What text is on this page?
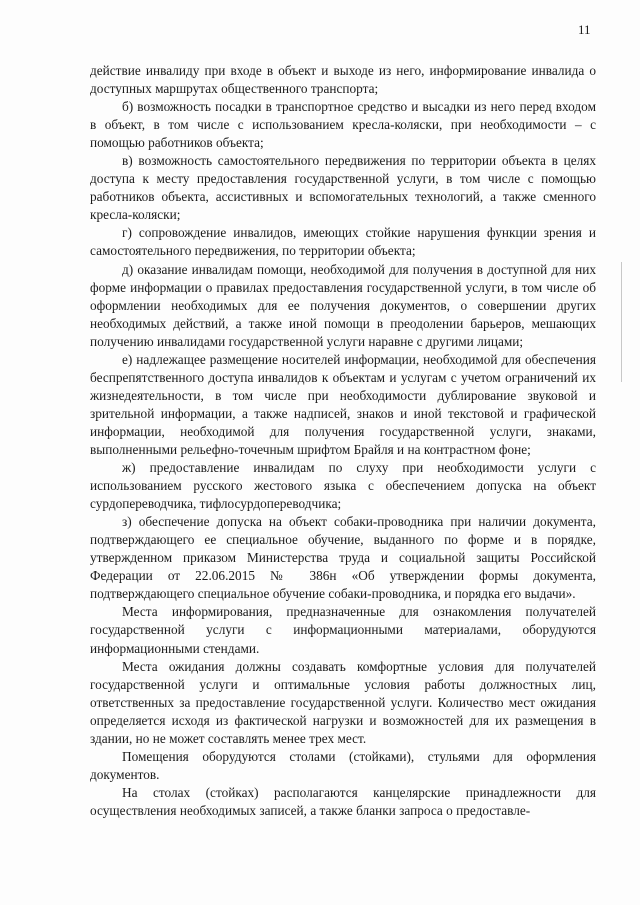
11

действие инвалиду при входе в объект и выходе из него, информирование инвалида о доступных маршрутах общественного транспорта;

б) возможность посадки в транспортное средство и высадки из него перед входом в объект, в том числе с использованием кресла-коляски, при необходимости – с помощью работников объекта;

в) возможность самостоятельного передвижения по территории объекта в целях доступа к месту предоставления государственной услуги, в том числе с помощью работников объекта, ассистивных и вспомогательных технологий, а также сменного кресла-коляски;

г) сопровождение инвалидов, имеющих стойкие нарушения функции зрения и самостоятельного передвижения, по территории объекта;

д) оказание инвалидам помощи, необходимой для получения в доступной для них форме информации о правилах предоставления государственной услуги, в том числе об оформлении необходимых для ее получения документов, о совершении других необходимых действий, а также иной помощи в преодолении барьеров, мешающих получению инвалидами государственной услуги наравне с другими лицами;

е) надлежащее размещение носителей информации, необходимой для обеспечения беспрепятственного доступа инвалидов к объектам и услугам с учетом ограничений их жизнедеятельности, в том числе при необходимости дублирование звуковой и зрительной информации, а также надписей, знаков и иной текстовой и графической информации, необходимой для получения государственной услуги, знаками, выполненными рельефно-точечным шрифтом Брайля и на контрастном фоне;

ж) предоставление инвалидам по слуху при необходимости услуги с использованием русского жестового языка с обеспечением допуска на объект сурдопереводчика, тифлосурдопереводчика;

з) обеспечение допуска на объект собаки-проводника при наличии документа, подтверждающего ее специальное обучение, выданного по форме и в порядке, утвержденном приказом Министерства труда и социальной защиты Российской Федерации от 22.06.2015 № 386н «Об утверждении формы документа, подтверждающего специальное обучение собаки-проводника, и порядка его выдачи».

Места информирования, предназначенные для ознакомления получателей государственной услуги с информационными материалами, оборудуются информационными стендами.

Места ожидания должны создавать комфортные условия для получателей государственной услуги и оптимальные условия работы должностных лиц, ответственных за предоставление государственной услуги. Количество мест ожидания определяется исходя из фактической нагрузки и возможностей для их размещения в здании, но не может составлять менее трех мест.

Помещения оборудуются столами (стойками), стульями для оформления документов.

На столах (стойках) располагаются канцелярские принадлежности для осуществления необходимых записей, а также бланки запроса о предоставле-
